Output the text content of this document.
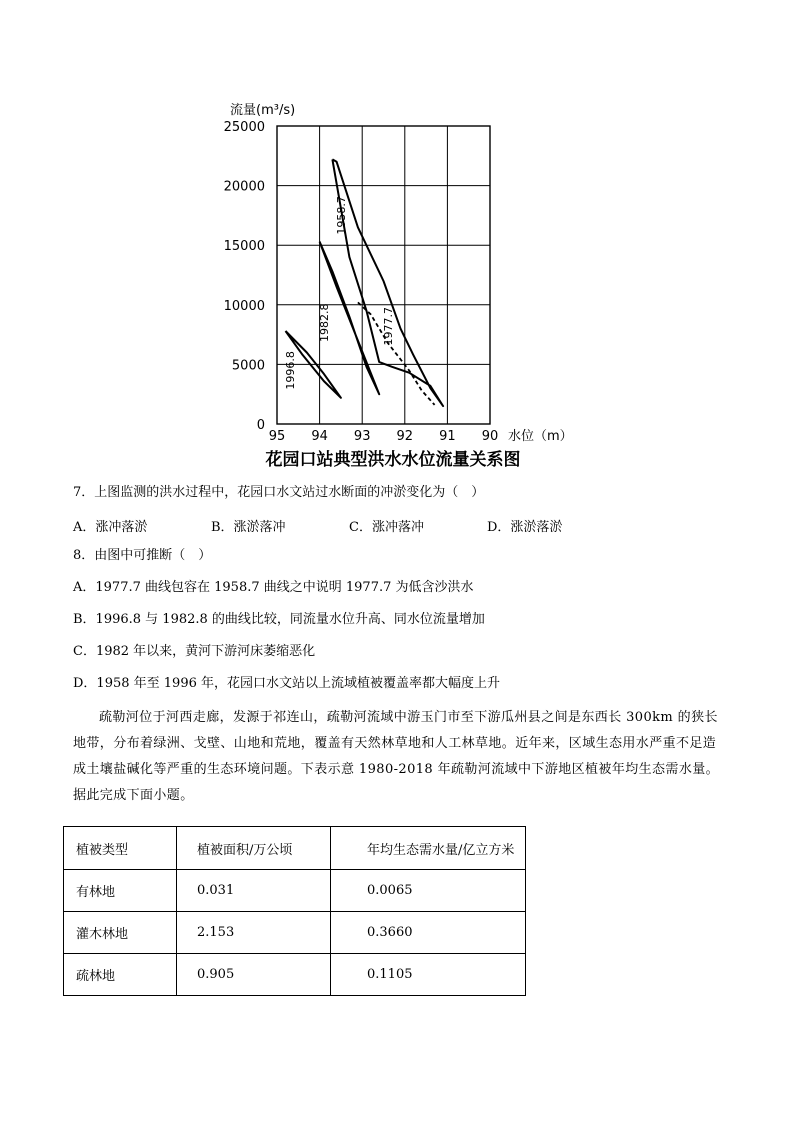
25000
20000
15000
10000
5000
0
95 94 93 92 91 90
流量(m³/s)
水位（m）
1958.7
1982.8	1977.7
1996.8
花园口站典型洪水水位流量关系图
7．上图监测的洪水过程中，花园口水文站过水断面的冲淤变化为（　）
A．涨冲落淤	B．涨淤落冲	C．涨冲落冲	D．涨淤落淤
8．由图中可推断（　）
A．1977.7 曲线包容在 1958.7 曲线之中说明 1977.7 为低含沙洪水
B．1996.8 与 1982.8 的曲线比较，同流量水位升高、同水位流量增加
C．1982 年以来，黄河下游河床萎缩恶化
D．1958 年至 1996 年，花园口水文站以上流域植被覆盖率都大幅度上升
疏勒河位于河西走廊，发源于祁连山，疏勒河流域中游玉门市至下游瓜州县之间是东西长 300km 的狭长地带，分布着绿洲、戈壁、山地和荒地，覆盖有天然林草地和人工林草地。近年来，区域生态用水严重不足造成土壤盐碱化等严重的生态环境问题。下表示意 1980-2018 年疏勒河流域中下游地区植被年均生态需水量。据此完成下面小题。
植被类型	植被面积/万公顷	年均生态需水量/亿立方米
有林地	0.031	0.0065
灌木林地	2.153	0.3660
疏林地	0.905	0.1105
